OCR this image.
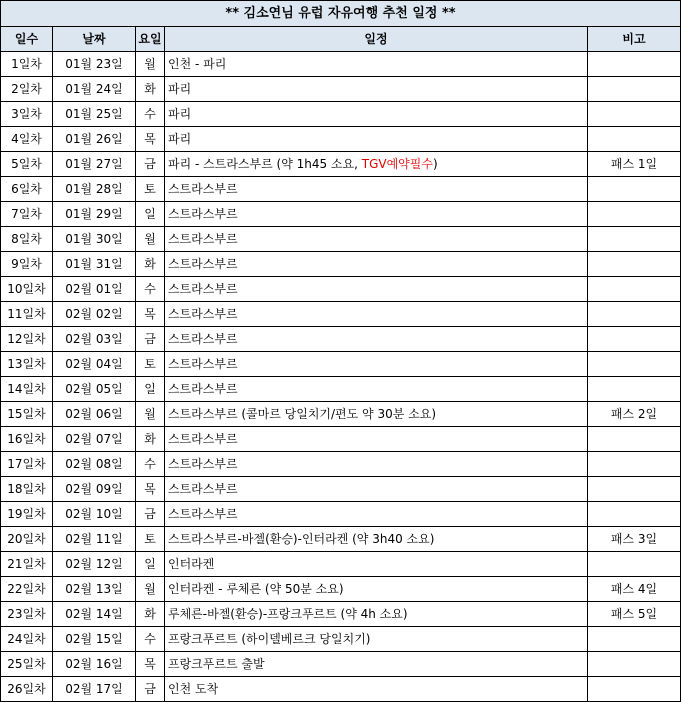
** 김소연님 유럽 자유여행 추천 일정 **				
일수	날짜	요일	일정	비고
1일차	01월 23일	월	인천 - 파리	
2일차	01월 24일	화	파리	
3일차	01월 25일	수	파리	
4일차	01월 26일	목	파리	
5일차	01월 27일	금	파리 - 스트라스부르 (약 1h45 소요, TGV예약필수)	패스 1일
6일차	01월 28일	토	스트라스부르	
7일차	01월 29일	일	스트라스부르	
8일차	01월 30일	월	스트라스부르	
9일차	01월 31일	화	스트라스부르	
10일차	02월 01일	수	스트라스부르	
11일차	02월 02일	목	스트라스부르	
12일차	02월 03일	금	스트라스부르	
13일차	02월 04일	토	스트라스부르	
14일차	02월 05일	일	스트라스부르	
15일차	02월 06일	월	스트라스부르 (콜마르 당일치기/편도 약 30분 소요)	패스 2일
16일차	02월 07일	화	스트라스부르	
17일차	02월 08일	수	스트라스부르	
18일차	02월 09일	목	스트라스부르	
19일차	02월 10일	금	스트라스부르	
20일차	02월 11일	토	스트라스부르-바젤(환승)-인터라켄 (약 3h40 소요)	패스 3일
21일차	02월 12일	일	인터라켄	
22일차	02월 13일	월	인터라켄 - 루체른 (약 50분 소요)	패스 4일
23일차	02월 14일	화	루체른-바젤(환승)-프랑크푸르트 (약 4h 소요)	패스 5일
24일차	02월 15일	수	프랑크푸르트 (하이델베르크 당일치기)	
25일차	02월 16일	목	프랑크푸르트 출발	
26일차	02월 17일	금	인천 도착	
